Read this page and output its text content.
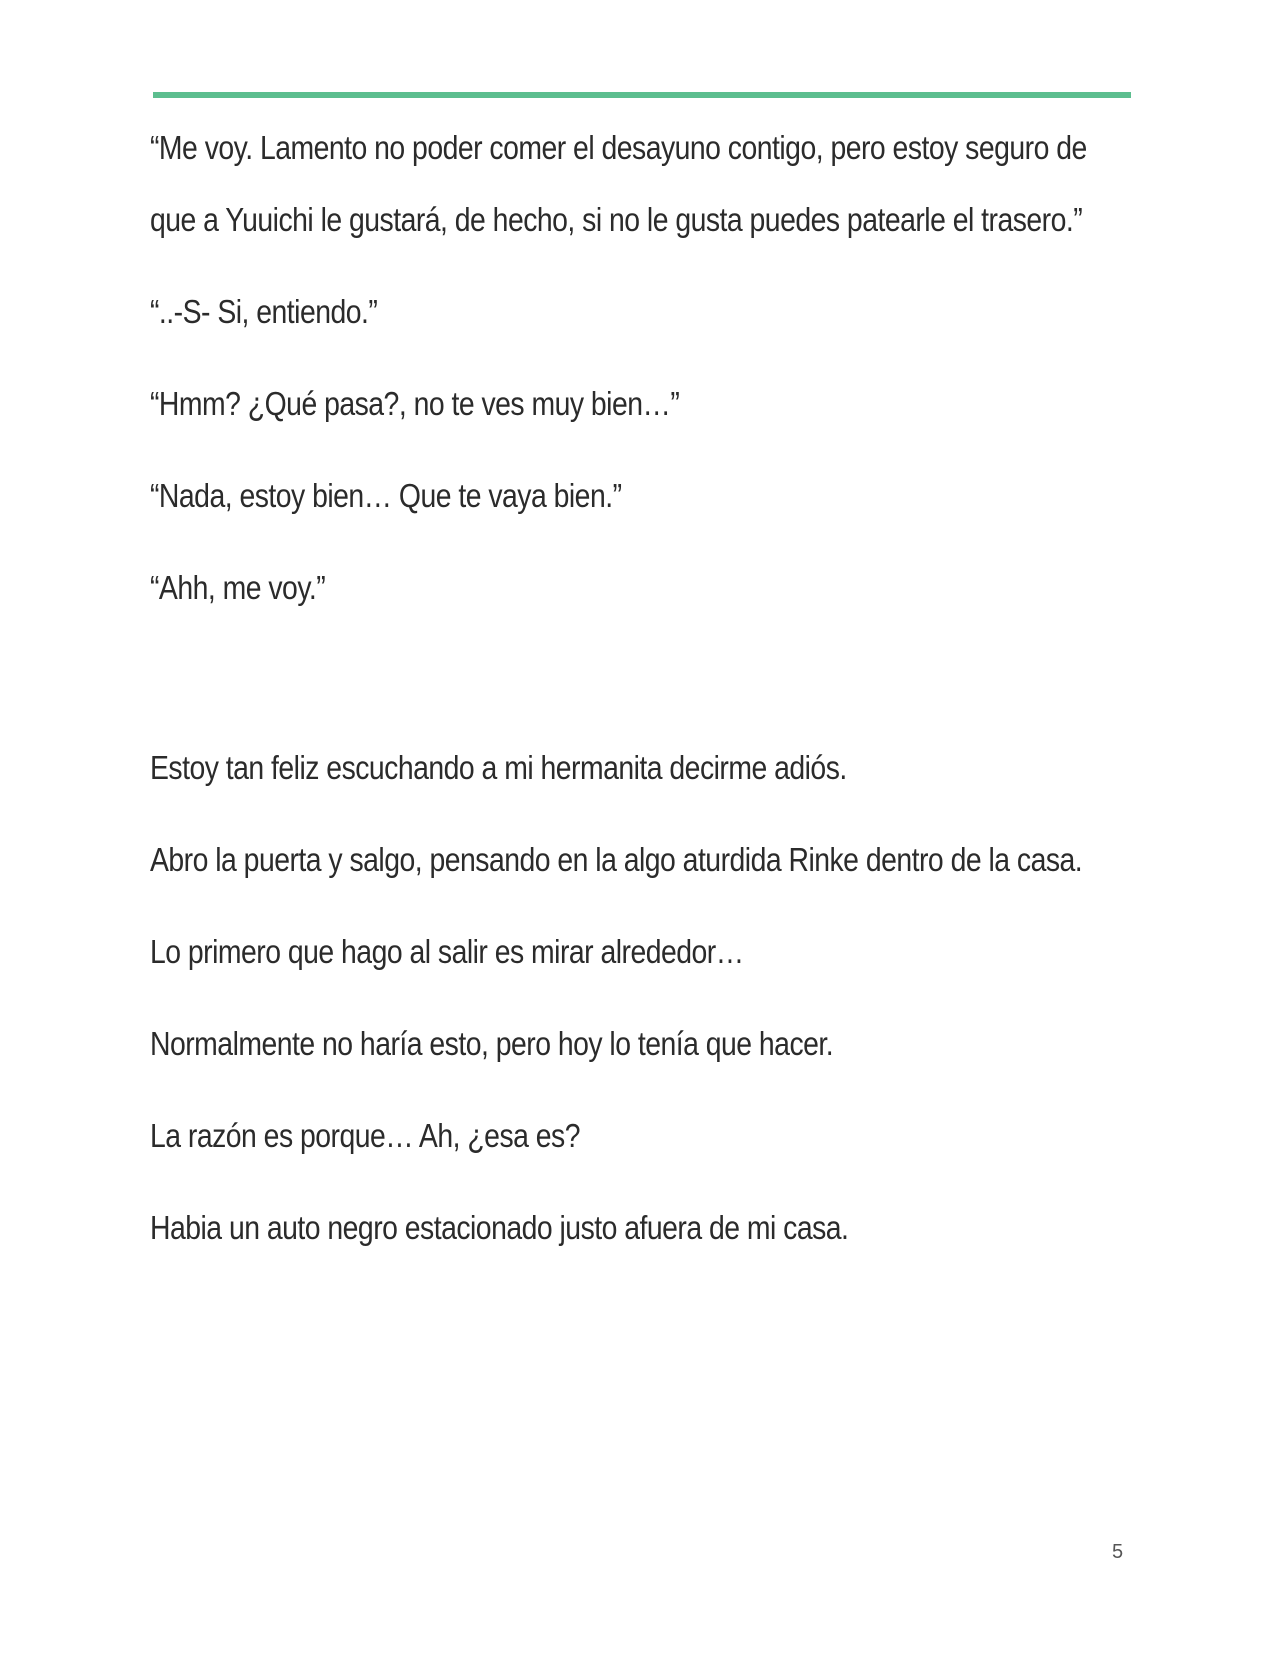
“Me voy. Lamento no poder comer el desayuno contigo, pero estoy seguro de que a Yuuichi le gustará, de hecho, si no le gusta puedes patearle el trasero.”

“..-S- Si, entiendo.”

“Hmm? ¿Qué pasa?, no te ves muy bien…”

“Nada, estoy bien… Que te vaya bien.”

“Ahh, me voy.”

Estoy tan feliz escuchando a mi hermanita decirme adiós.

Abro la puerta y salgo, pensando en la algo aturdida Rinke dentro de la casa.

Lo primero que hago al salir es mirar alrededor…

Normalmente no haría esto, pero hoy lo tenía que hacer.

La razón es porque… Ah, ¿esa es?

Habia un auto negro estacionado justo afuera de mi casa.

5
